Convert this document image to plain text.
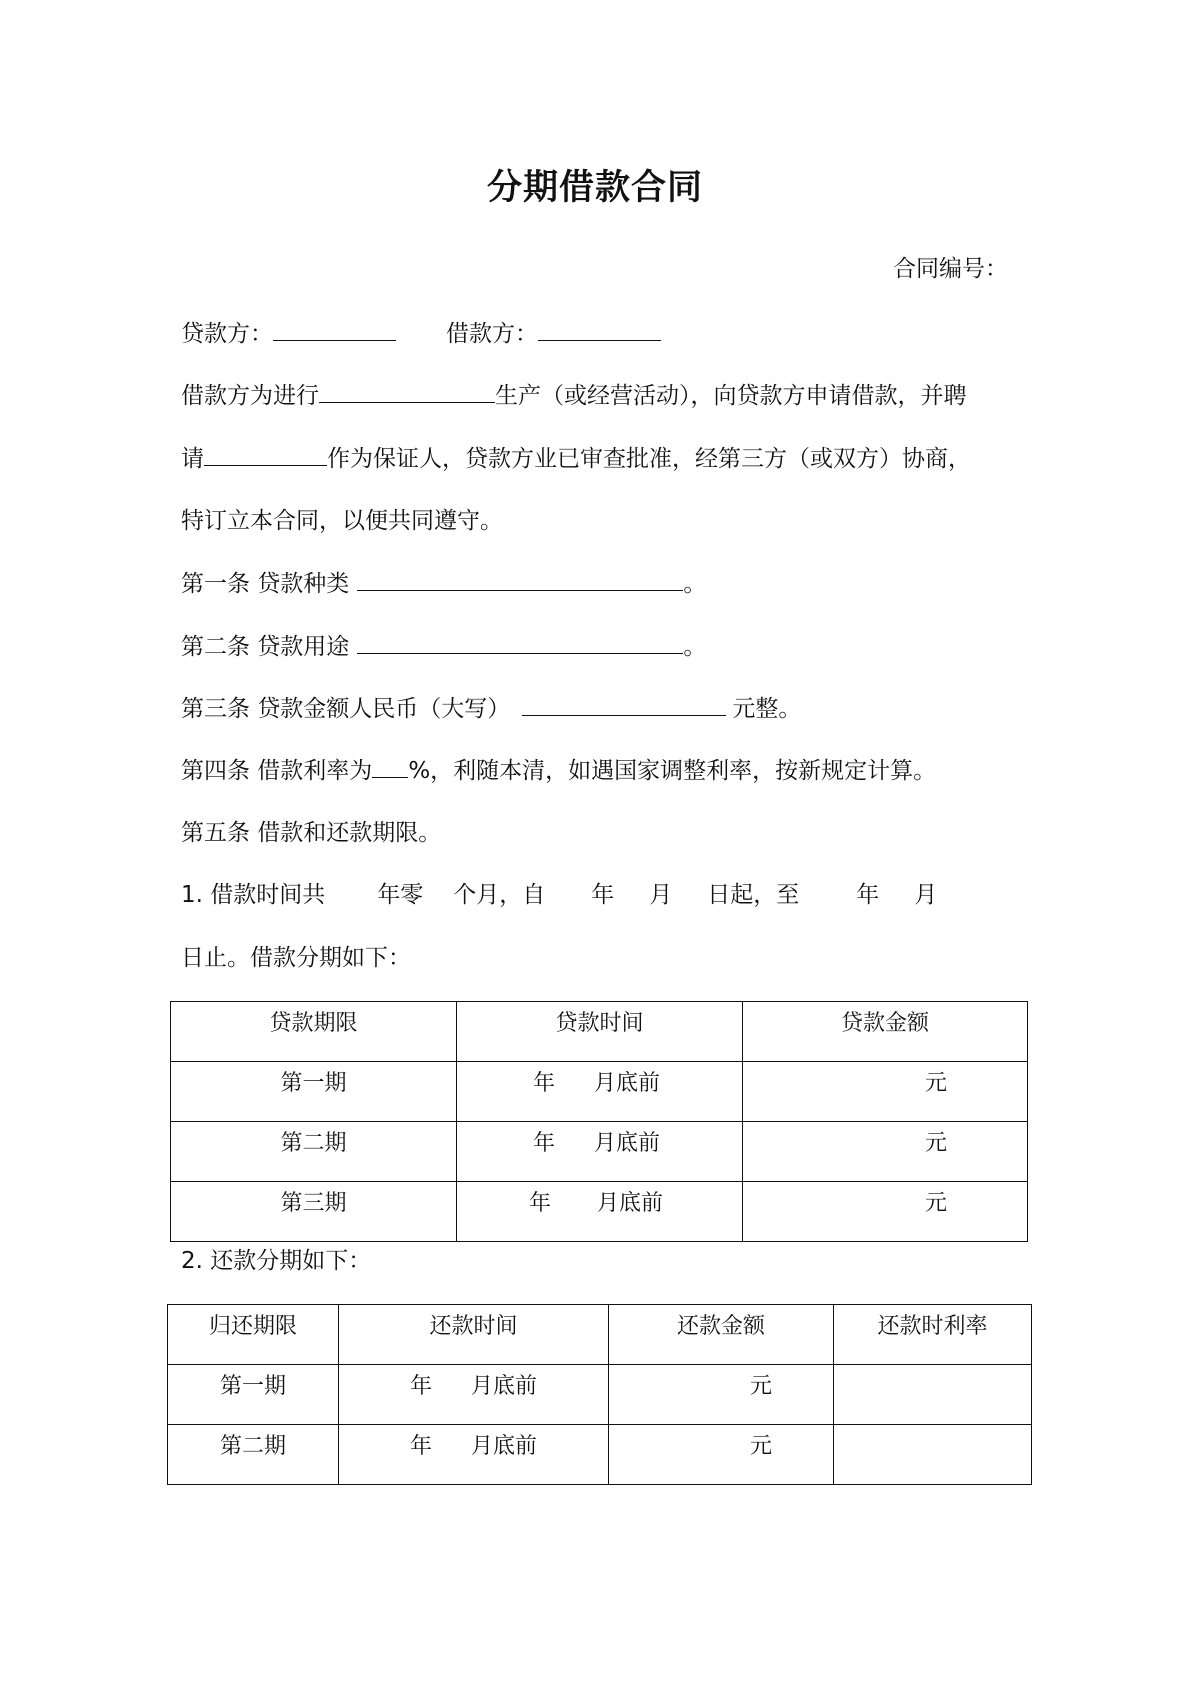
分期借款合同
合同编号：
贷款方：	借款方：
借款方为进行	生产（或经营活动），向贷款方申请借款，并聘
请	作为保证人，贷款方业已审查批准，经第三方（或双方）协商，
特订立本合同，以便共同遵守。
第一条 贷款种类	。
第二条 贷款用途	。
第三条 贷款金额人民币（大写）	元整。
第四条 借款利率为 %，利随本清，如遇国家调整利率，按新规定计算。
第五条 借款和还款期限。
1. 借款时间共 年零 个月，自 年 月 日起，至 年 月
日止。借款分期如下：
贷款期限	贷款时间	贷款金额

第一期	年 月底前	元

第二期	年 月底前	元

第三期	年 月底前	元
2. 还款分期如下：
归还期限	还款时间	还款金额	还款时利率

第一期	年 月底前	元	

第二期	年 月底前	元	
